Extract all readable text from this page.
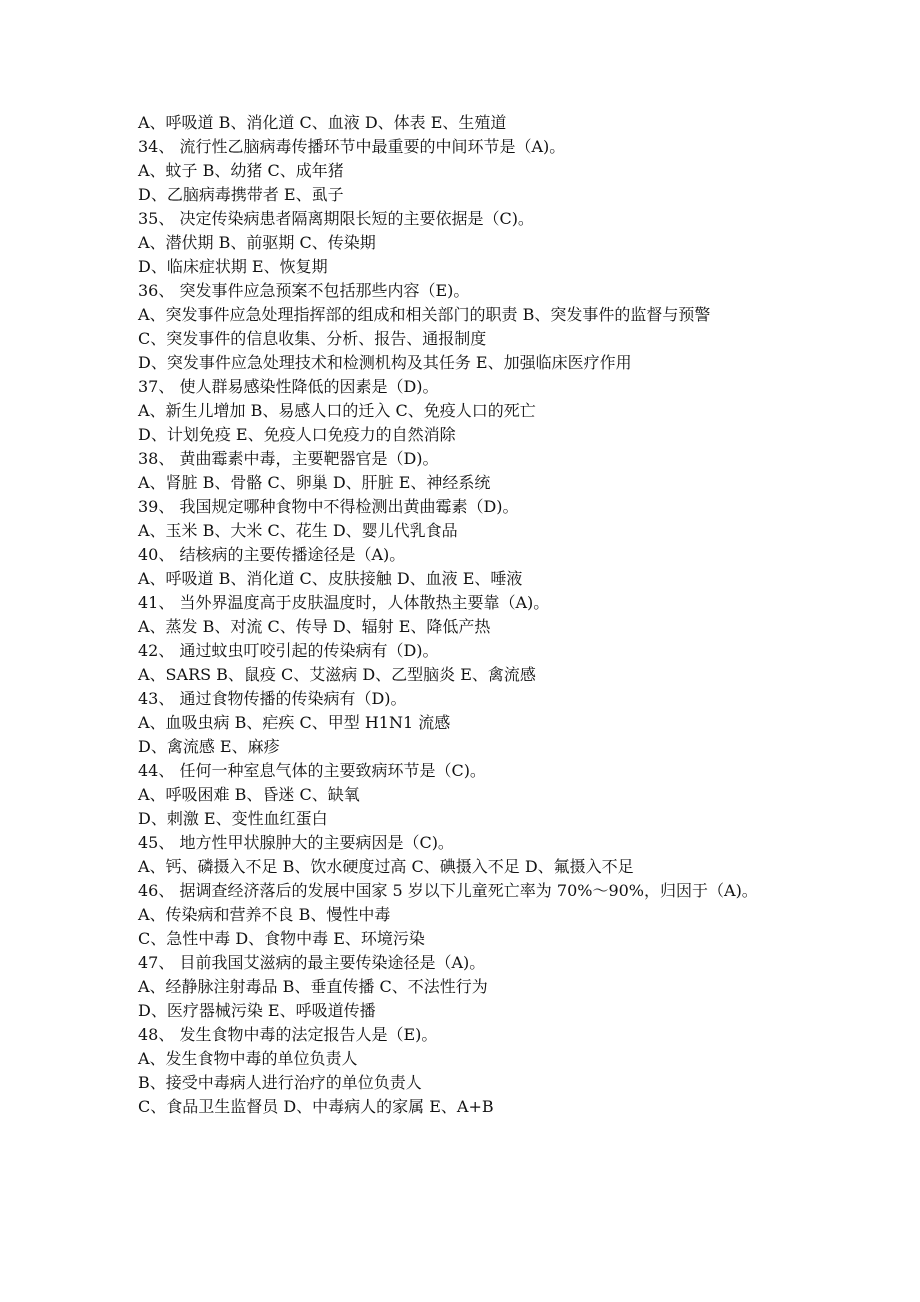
A、呼吸道 B、消化道 C、血液 D、体表 E、生殖道

34、 流行性乙脑病毒传播环节中最重要的中间环节是（A)。

A、蚊子 B、幼猪 C、成年猪

D、乙脑病毒携带者 E、虱子

35、 决定传染病患者隔离期限长短的主要依据是（C)。

A、潜伏期 B、前驱期 C、传染期

D、临床症状期 E、恢复期

36、 突发事件应急预案不包括那些内容（E)。

A、突发事件应急处理指挥部的组成和相关部门的职责 B、突发事件的监督与预警

C、突发事件的信息收集、分析、报告、通报制度

D、突发事件应急处理技术和检测机构及其任务 E、加强临床医疗作用

37、 使人群易感染性降低的因素是（D)。

A、新生儿增加 B、易感人口的迁入 C、免疫人口的死亡

D、计划免疫 E、免疫人口免疫力的自然消除

38、 黄曲霉素中毒，主要靶器官是（D)。

A、肾脏 B、骨骼 C、卵巢 D、肝脏 E、神经系统

39、 我国规定哪种食物中不得检测出黄曲霉素（D)。

A、玉米 B、大米 C、花生 D、婴儿代乳食品

40、 结核病的主要传播途径是（A)。

A、呼吸道 B、消化道 C、皮肤接触 D、血液 E、唾液

41、 当外界温度高于皮肤温度时，人体散热主要靠（A)。

A、蒸发 B、对流 C、传导 D、辐射 E、降低产热

42、 通过蚊虫叮咬引起的传染病有（D)。

A、SARS B、鼠疫 C、艾滋病 D、乙型脑炎 E、禽流感

43、 通过食物传播的传染病有（D)。

A、血吸虫病 B、疟疾 C、甲型 H1N1 流感

D、禽流感 E、麻疹

44、 任何一种室息气体的主要致病环节是（C)。

A、呼吸困难 B、昏迷 C、缺氧

D、刺激 E、变性血红蛋白

45、 地方性甲状腺肿大的主要病因是（C)。

A、钙、磷摄入不足 B、饮水硬度过高 C、碘摄入不足 D、氟摄入不足

46、 据调查经济落后的发展中国家 5 岁以下儿童死亡率为 70%～90%，归因于（A)。

A、传染病和营养不良 B、慢性中毒

C、急性中毒 D、食物中毒 E、环境污染

47、 目前我国艾滋病的最主要传染途径是（A)。

A、经静脉注射毒品 B、垂直传播 C、不法性行为

D、医疗器械污染 E、呼吸道传播

48、 发生食物中毒的法定报告人是（E)。

A、发生食物中毒的单位负责人

B、接受中毒病人进行治疗的单位负责人

C、食品卫生监督员 D、中毒病人的家属 E、A+B
